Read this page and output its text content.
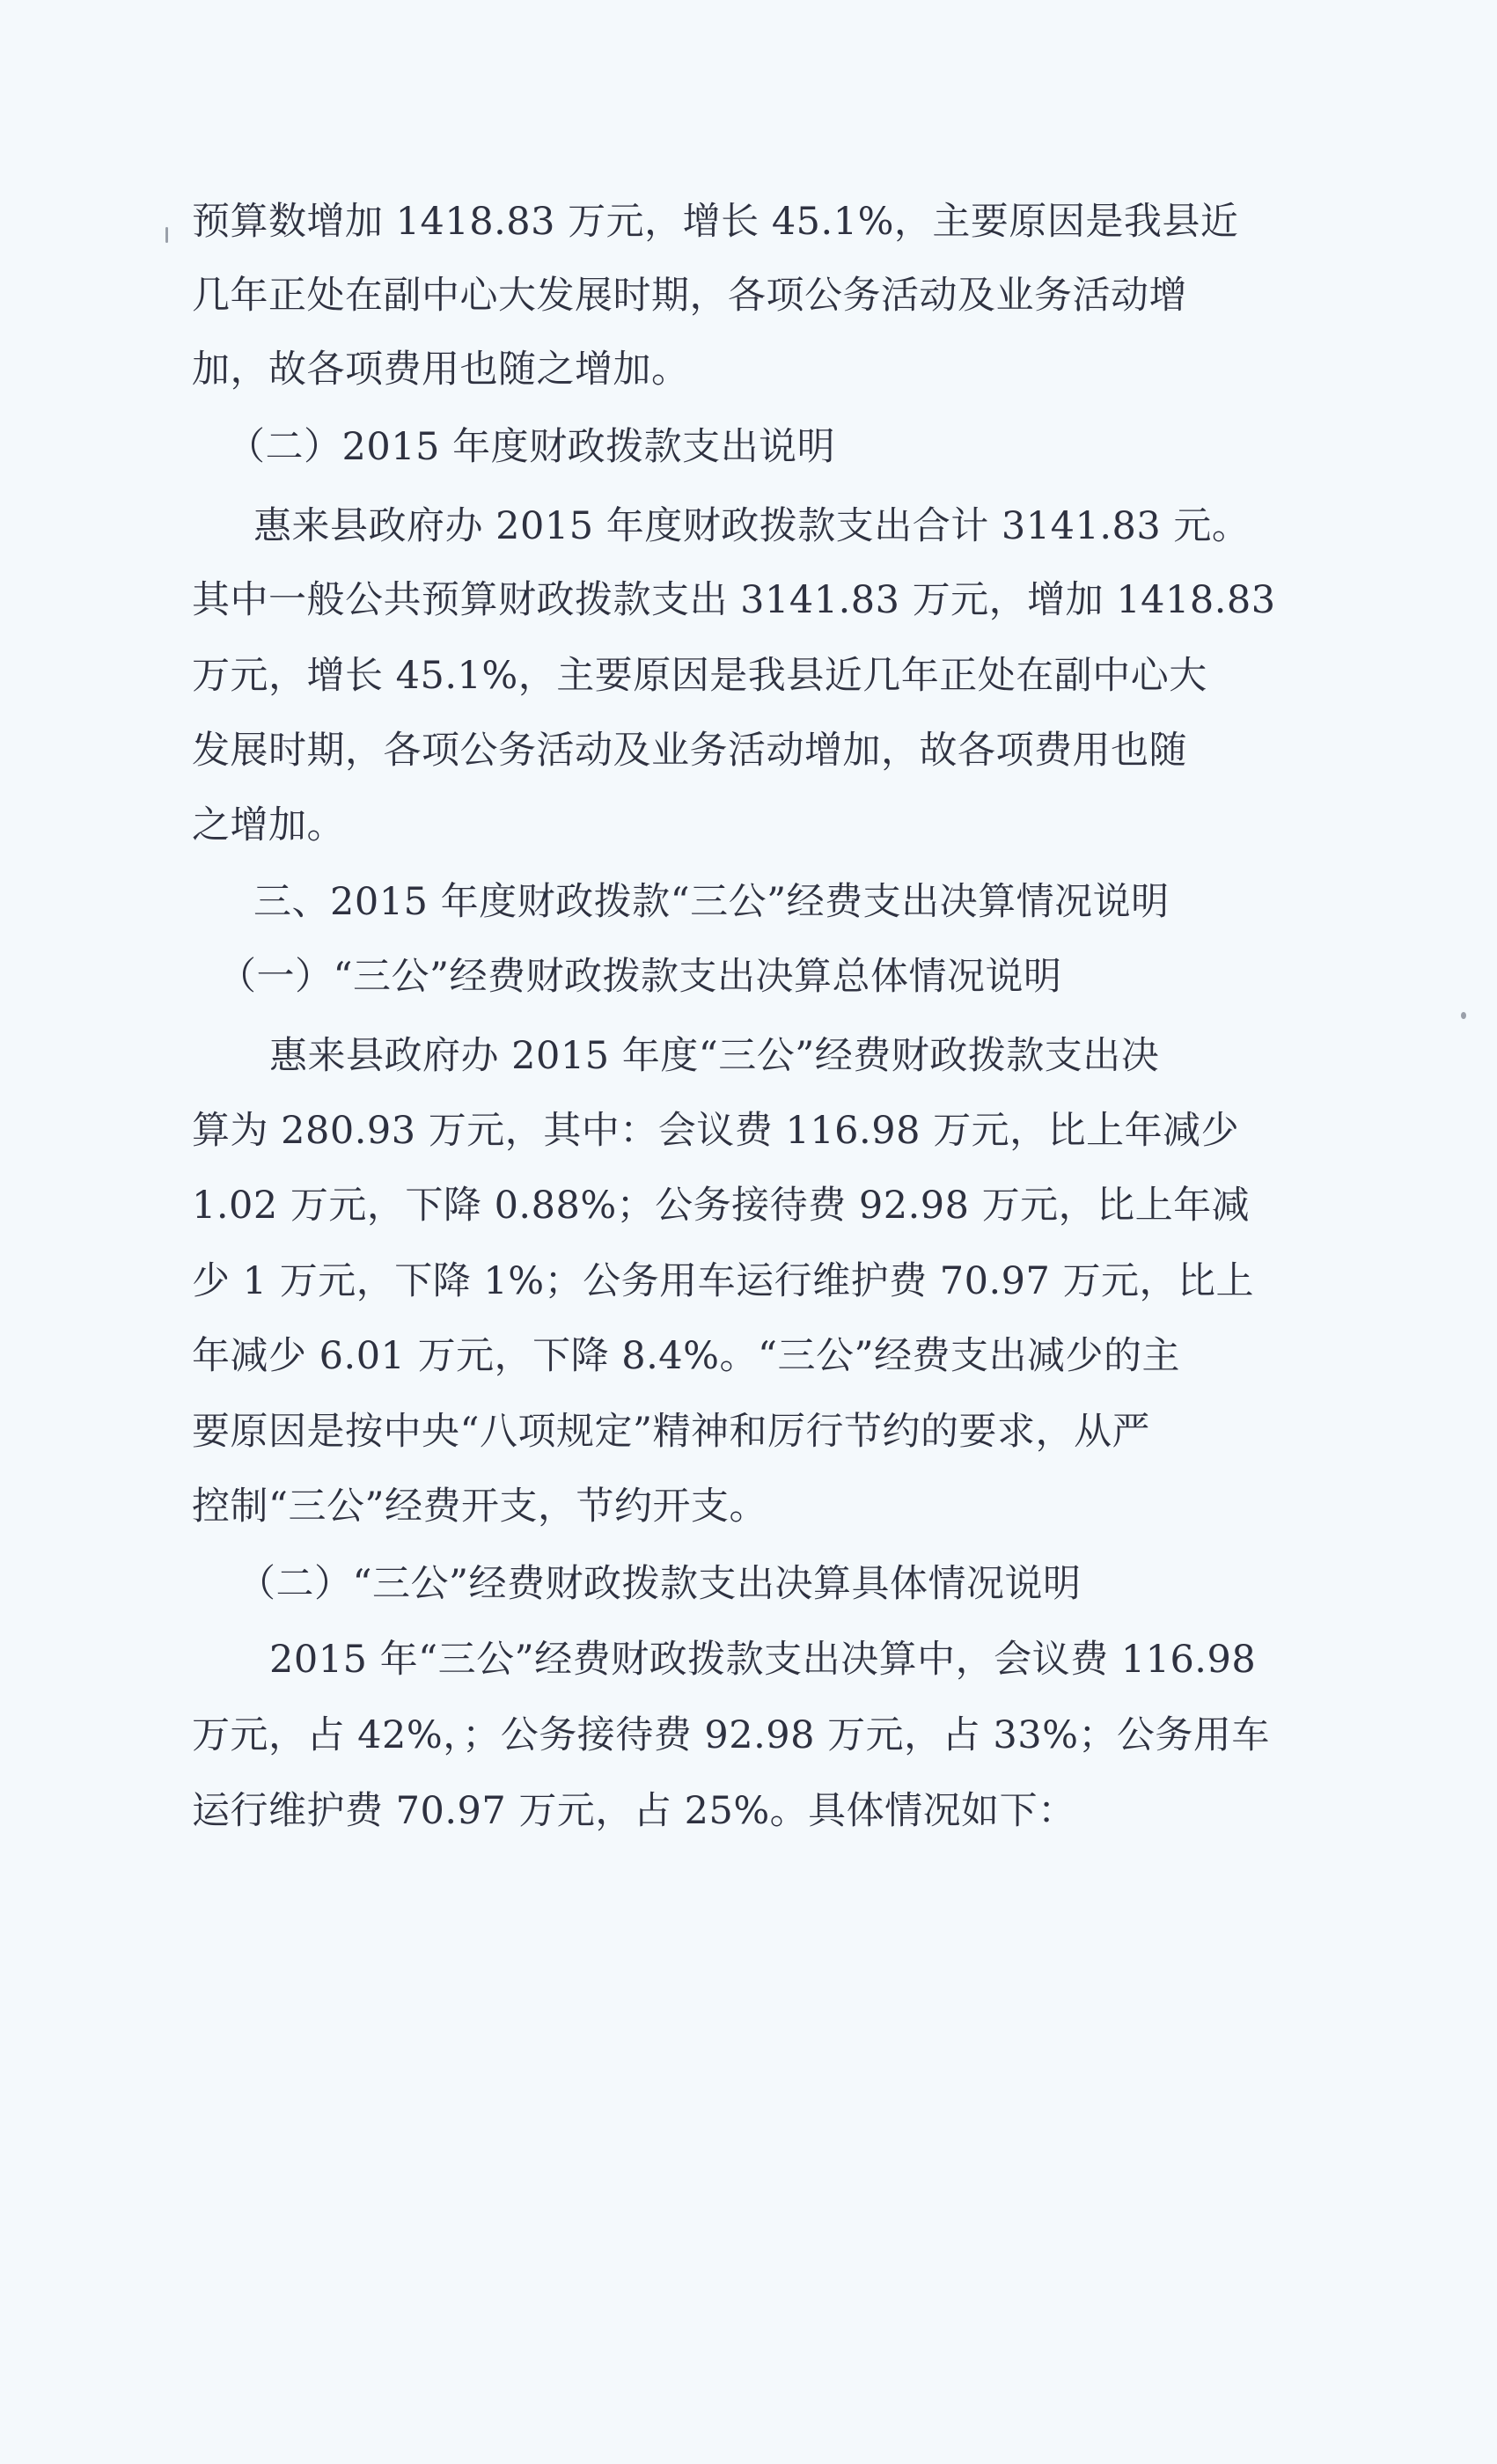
预算数增加 1418.83 万元，增长 45.1%，主要原因是我县近
几年正处在副中心大发展时期，各项公务活动及业务活动增
加，故各项费用也随之增加。
（二）2015 年度财政拨款支出说明
惠来县政府办 2015 年度财政拨款支出合计 3141.83 元。
其中一般公共预算财政拨款支出 3141.83 万元，增加 1418.83
万元，增长 45.1%，主要原因是我县近几年正处在副中心大
发展时期，各项公务活动及业务活动增加，故各项费用也随
之增加。
三、2015 年度财政拨款“三公”经费支出决算情况说明
（一）“三公”经费财政拨款支出决算总体情况说明
惠来县政府办 2015 年度“三公”经费财政拨款支出决
算为 280.93 万元，其中：会议费 116.98 万元，比上年减少
1.02 万元，下降 0.88%；公务接待费 92.98 万元，比上年减
少 1 万元，下降 1%；公务用车运行维护费 70.97 万元，比上
年减少 6.01 万元，下降 8.4%。“三公”经费支出减少的主
要原因是按中央“八项规定”精神和厉行节约的要求，从严
控制“三公”经费开支，节约开支。
（二）“三公”经费财政拨款支出决算具体情况说明
2015 年“三公”经费财政拨款支出决算中，会议费 116.98
万元，占 42%，；公务接待费 92.98 万元，占 33%；公务用车
运行维护费 70.97 万元，占 25%。具体情况如下：
